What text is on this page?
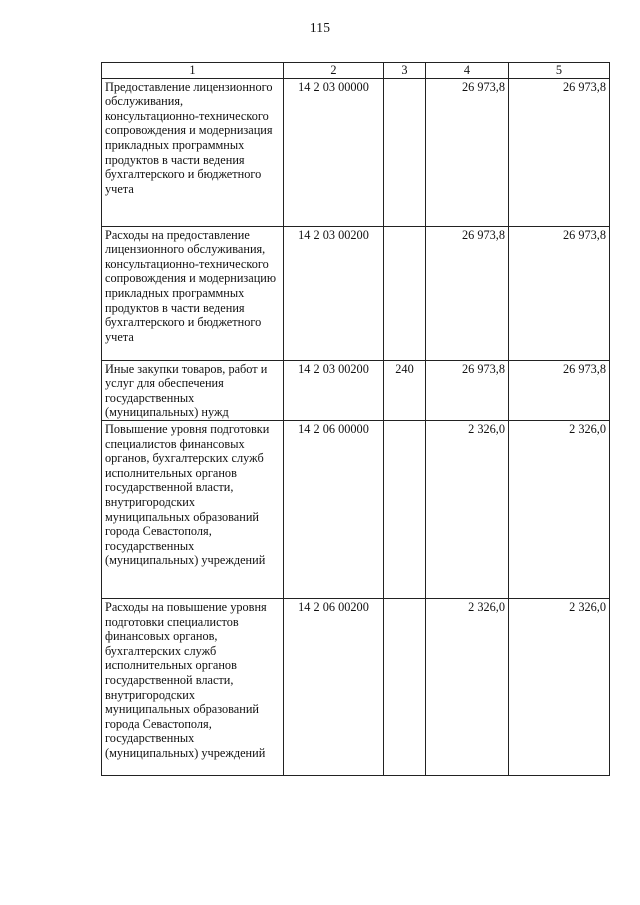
115
1	2	3	4	5
Предоставление лицензионного обслуживания, консультационно-технического сопровождения и модернизация прикладных программных продуктов в части ведения бухгалтерского и бюджетного учета	14 2 03 00000		26 973,8	26 973,8
Расходы на предоставление лицензионного обслуживания, консультационно-технического сопровождения и модернизацию прикладных программных продуктов в части ведения бухгалтерского и бюджетного учета	14 2 03 00200		26 973,8	26 973,8
Иные закупки товаров, работ и услуг для обеспечения государственных (муниципальных) нужд	14 2 03 00200	240	26 973,8	26 973,8
Повышение уровня подготовки специалистов финансовых органов, бухгалтерских служб исполнительных органов государственной власти, внутригородских муниципальных образований города Севастополя, государственных (муниципальных) учреждений	14 2 06 00000		2 326,0	2 326,0
Расходы на повышение уровня подготовки специалистов финансовых органов, бухгалтерских служб исполнительных органов государственной власти, внутригородских муниципальных образований города Севастополя, государственных (муниципальных) учреждений	14 2 06 00200		2 326,0	2 326,0
